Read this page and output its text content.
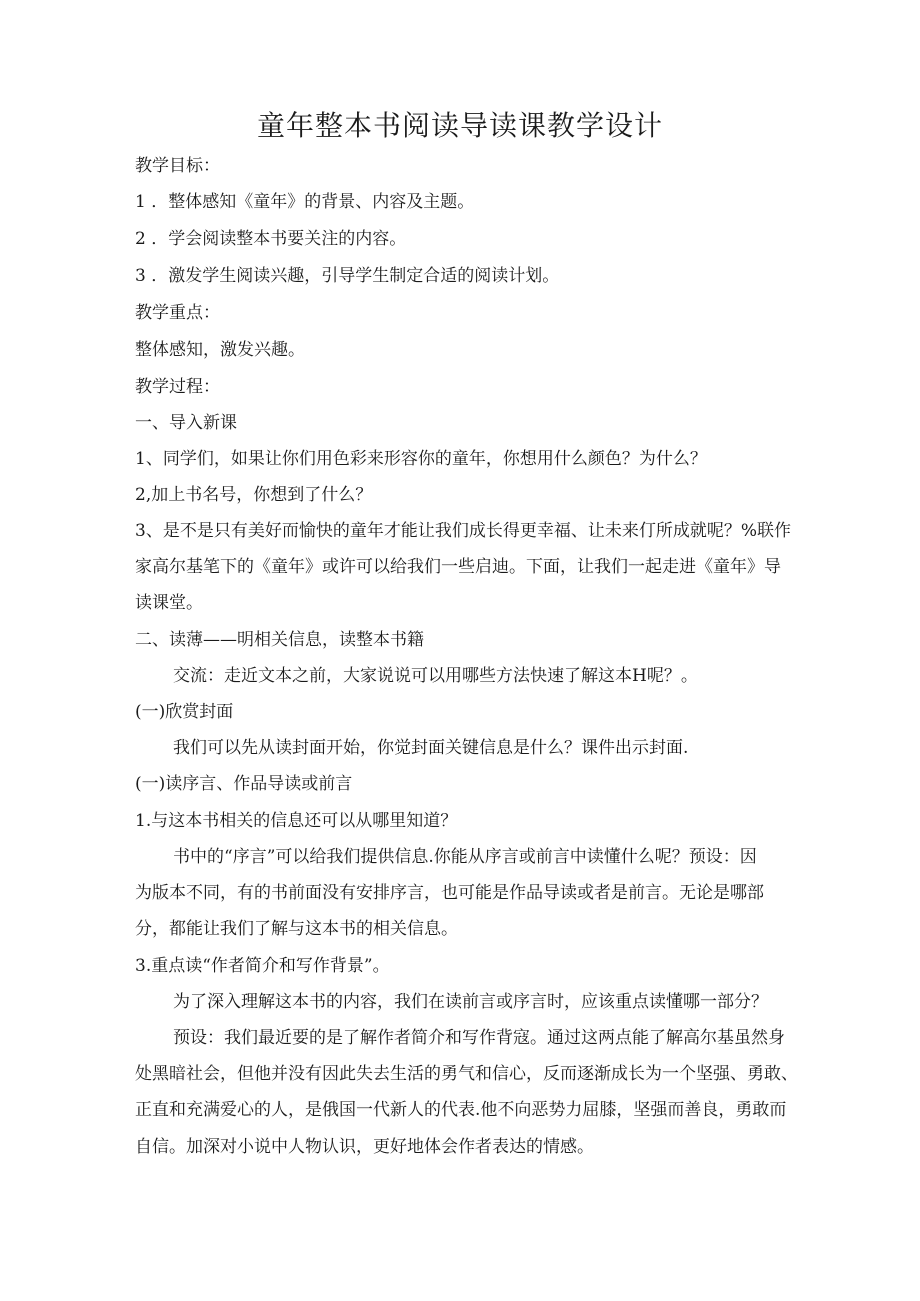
童年整本书阅读导读课教学设计
教学目标：
1 ．整体感知《童年》的背景、内容及主题。
2 ．学会阅读整本书要关注的内容。
3 ．激发学生阅读兴趣，引导学生制定合适的阅读计划。
教学重点：
整体感知，激发兴趣。
教学过程：
一、导入新课
1、同学们，如果让你们用色彩来形容你的童年，你想用什么颜色？为什么？
2,加上书名号，你想到了什么？
3、是不是只有美好而愉快的童年才能让我们成长得更幸福、让未来仃所成就呢？%联作
家高尔基笔下的《童年》或许可以给我们一些启迪。下面，让我们一起走进《童年》导
读课堂。
二、读薄——明相关信息，读整本书籍
交流：走近文本之前，大家说说可以用哪些方法快速了解这本H呢？。
(一)欣赏封面
我们可以先从读封面开始，你觉封面关键信息是什么？课件出示封面.
(一)读序言、作品导读或前言
1.与这本书相关的信息还可以从哪里知道？
书中的“序言”可以给我们提供信息.你能从序言或前言中读懂什么呢？预设：因
为版本不同，有的书前面没有安排序言，也可能是作品导读或者是前言。无论是哪部
分，都能让我们了解与这本书的相关信息。
3.重点读“作者简介和写作背景”。
为了深入理解这本书的内容，我们在读前言或序言时，应该重点读懂哪一部分？
预设：我们最近要的是了解作者简介和写作背寇。通过这两点能了解高尔基虽然身
处黑暗社会，但他并没有因此失去生活的勇气和信心，反而逐渐成长为一个坚强、勇敢、
正直和充满爱心的人，是俄国一代新人的代表.他不向恶势力屈膝，坚强而善良，勇敢而
自信。加深对小说中人物认识，更好地体会作者表达的情感。
